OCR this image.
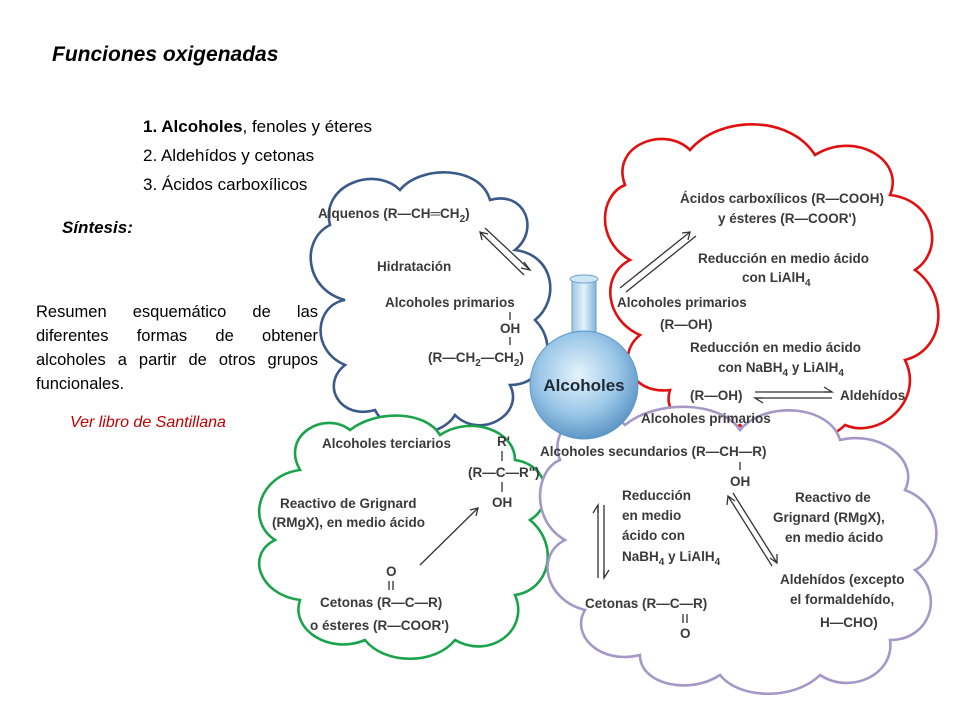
Funciones oxigenadas
1. Alcoholes, fenoles y éteres
2. Aldehídos y cetonas
3. Ácidos carboxílicos
Síntesis:
Resumen esquemático de las diferentes formas de obtener alcoholes a partir de otros grupos funcionales.
Ver libro de Santillana
Alcoholes
Alquenos $(R—CH═CH_2)$
Hidratación
Alcoholes primarios
OH
$(R—CH_2—CH_2)$
Ácidos carboxílicos (R—COOH)
y ésteres (R—COOR')
Reducción en medio ácido
con LiAlH$_4$
Alcoholes primarios
(R—OH)
Reducción en medio ácido
con NaBH$_4$ y LiAlH$_4$
(R—OH)	Aldehídos
Alcoholes primarios
Alcoholes terciarios	R'
(R—C—R")
OH
Reactivo de Grignard
(RMgX), en medio ácido
O
Cetonas (R—C—R)
o ésteres (R—COOR')
Alcoholes secundarios (R—CH—R)
OH
Reducción
en medio
ácido con
NaBH$_4$ y LiAlH$_4$
Reactivo de
Grignard (RMgX),
en medio ácido
Aldehídos (excepto
el formaldehído,
H—CHO)
Cetonas (R—C—R)
O
